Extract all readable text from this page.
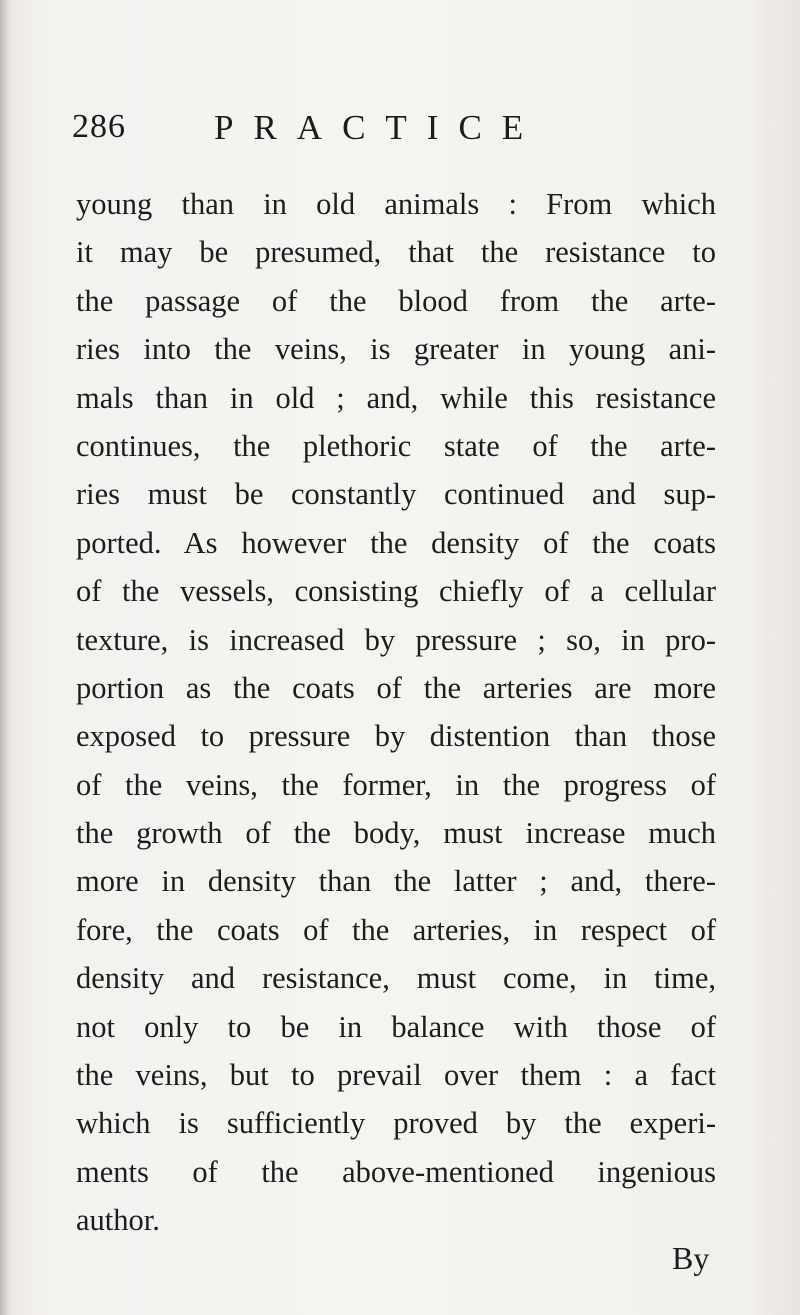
286	PRACTICE
young than in old animals : From which
it may be presumed, that the resistance to
the passage of the blood from the arte-
ries into the veins, is greater in young ani-
mals than in old ; and, while this resistance
continues, the plethoric state of the arte-
ries must be constantly continued and sup-
ported. As however the density of the coats
of the vessels, consisting chiefly of a cellular
texture, is increased by pressure ; so, in pro-
portion as the coats of the arteries are more
exposed to pressure by distention than those
of the veins, the former, in the progress of
the growth of the body, must increase much
more in density than the latter ; and, there-
fore, the coats of the arteries, in respect of
density and resistance, must come, in time,
not only to be in balance with those of
the veins, but to prevail over them : a fact
which is sufficiently proved by the experi-
ments of the above-mentioned ingenious
author.
By
